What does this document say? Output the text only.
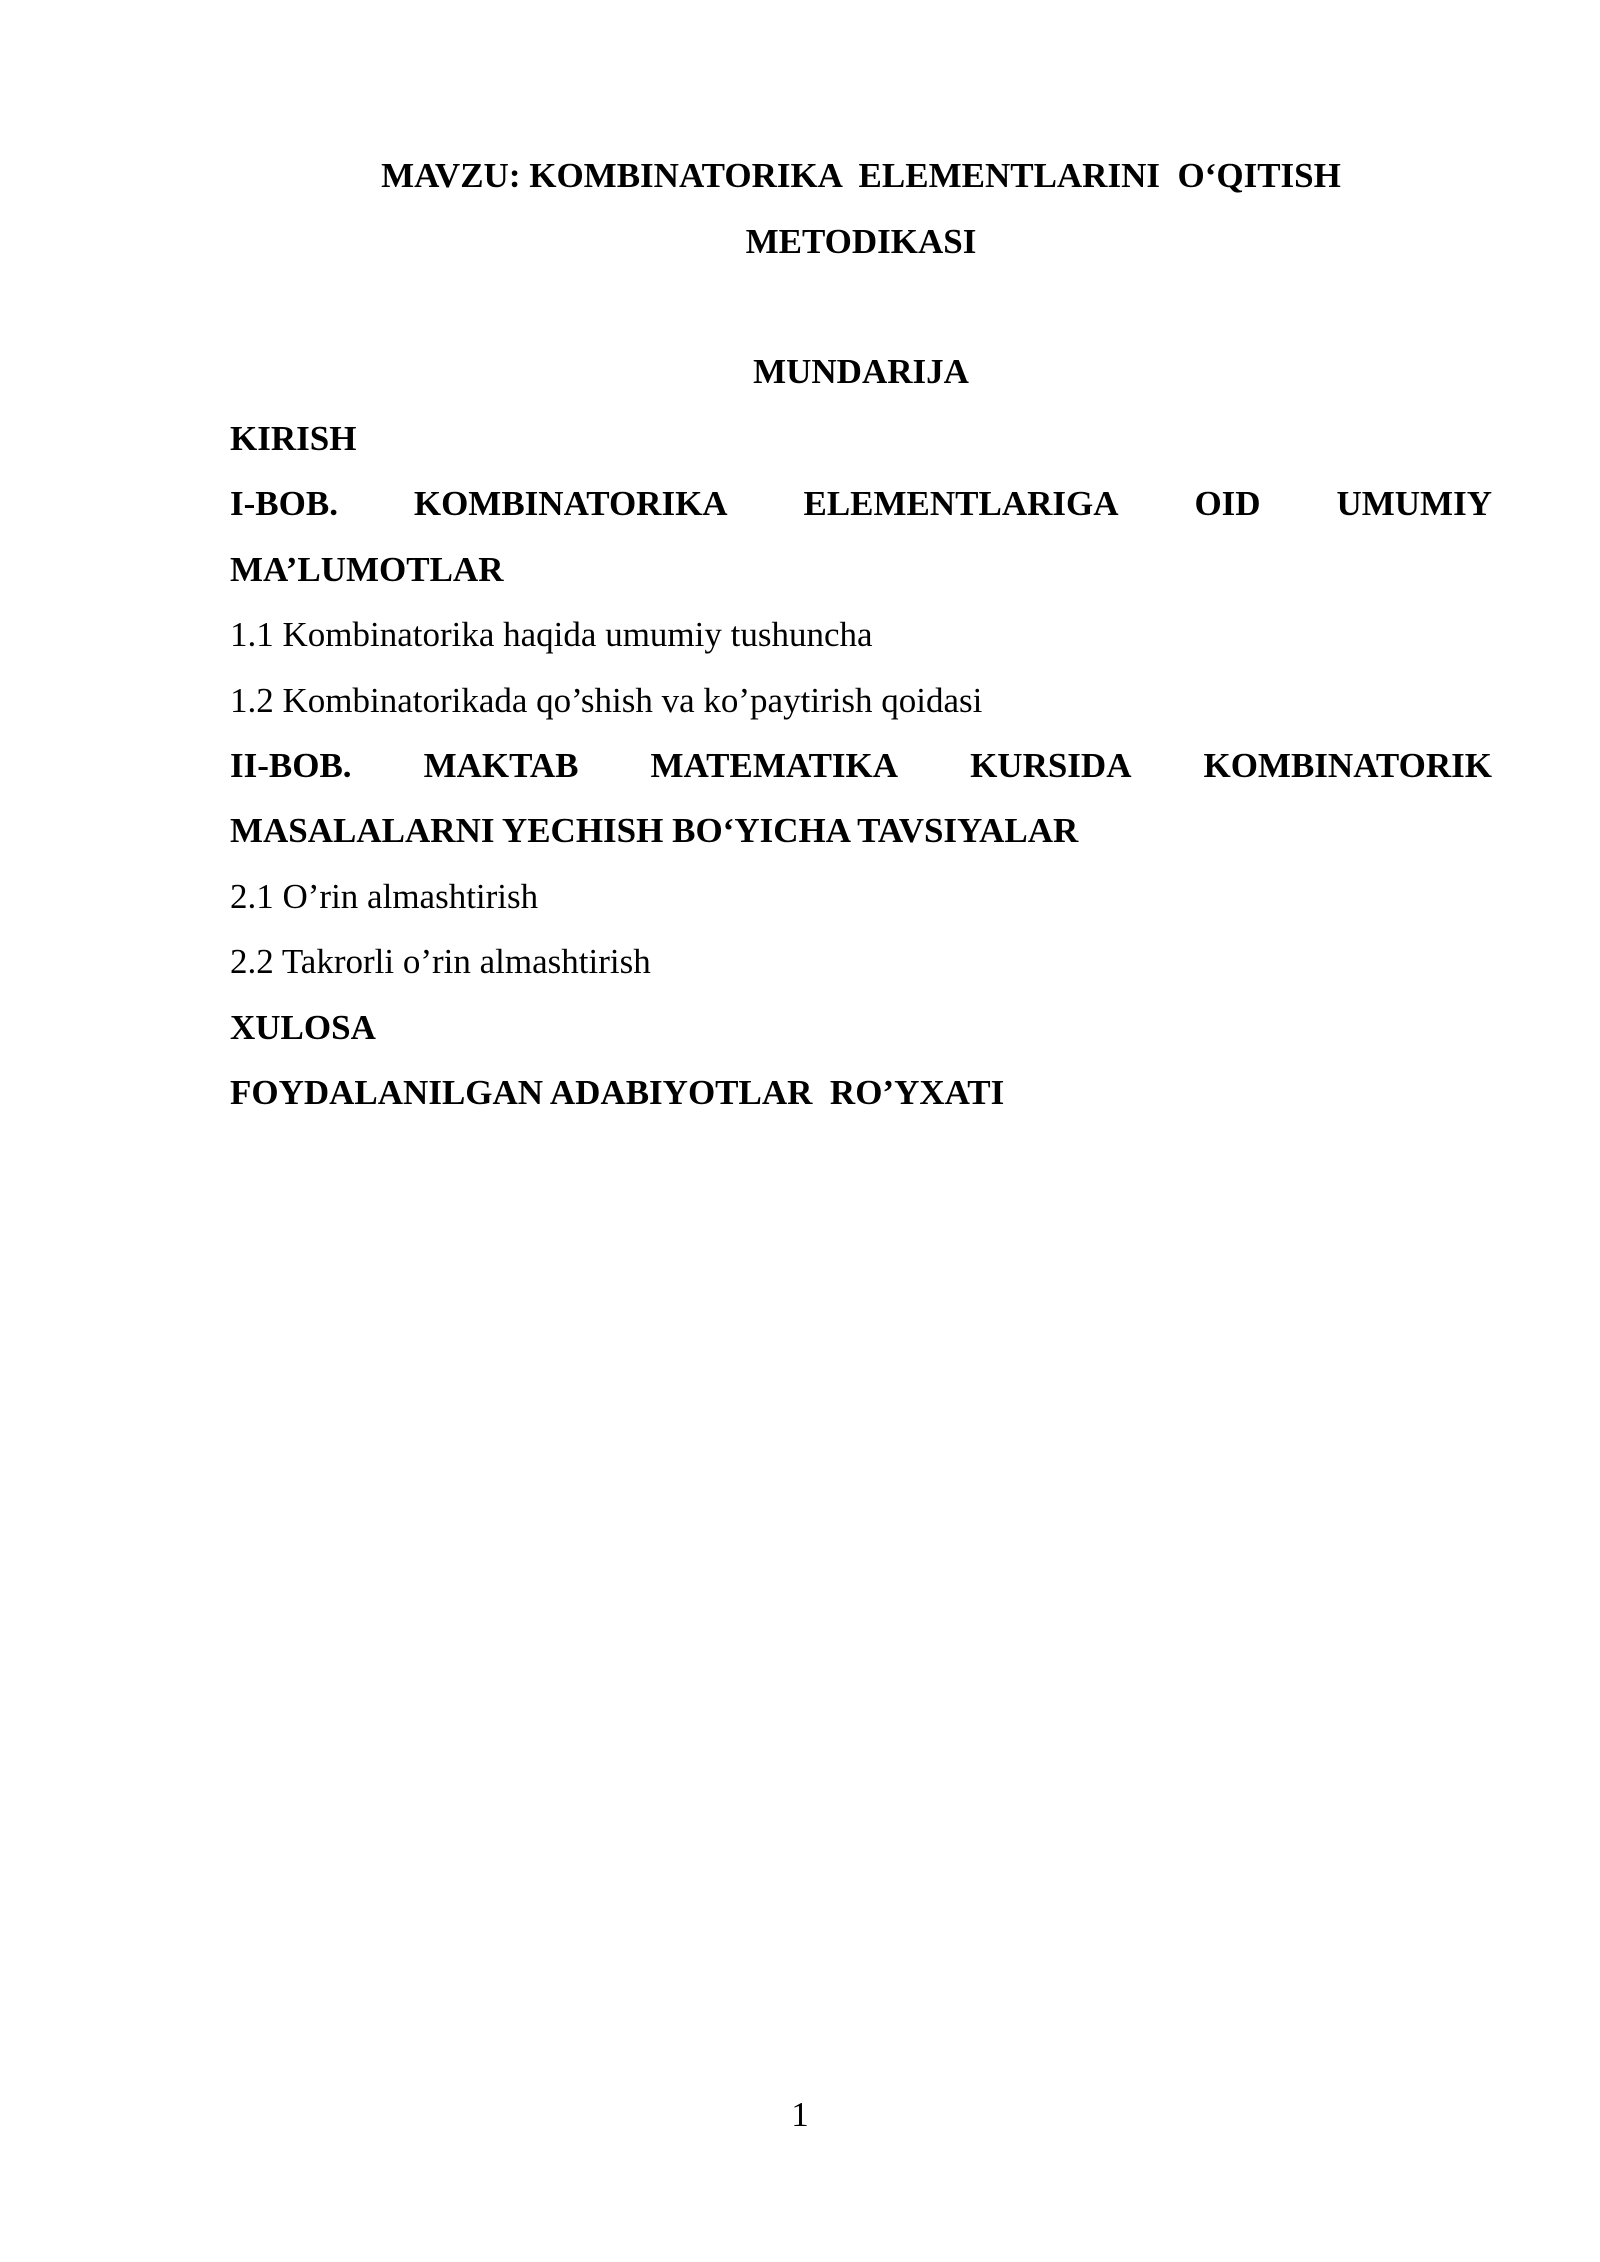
MAVZU: KOMBINATORIKA  ELEMENTLARINI  O‘QITISH
METODIKASI
MUNDARIJA
KIRISH
I-BOB. KOMBINATORIKA ELEMENTLARIGA OID UMUMIY
MA’LUMOTLAR
1.1 Kombinatorika haqida umumiy tushuncha
1.2 Kombinatorikada qo’shish va ko’paytirish qoidasi
II-BOB. MAKTAB MATEMATIKA KURSIDA KOMBINATORIK
MASALALARNI YECHISH BO‘YICHA TAVSIYALAR
2.1 O’rin almashtirish
2.2 Takrorli o’rin almashtirish
XULOSA
FOYDALANILGAN ADABIYOTLAR  RO’YXATI
1
